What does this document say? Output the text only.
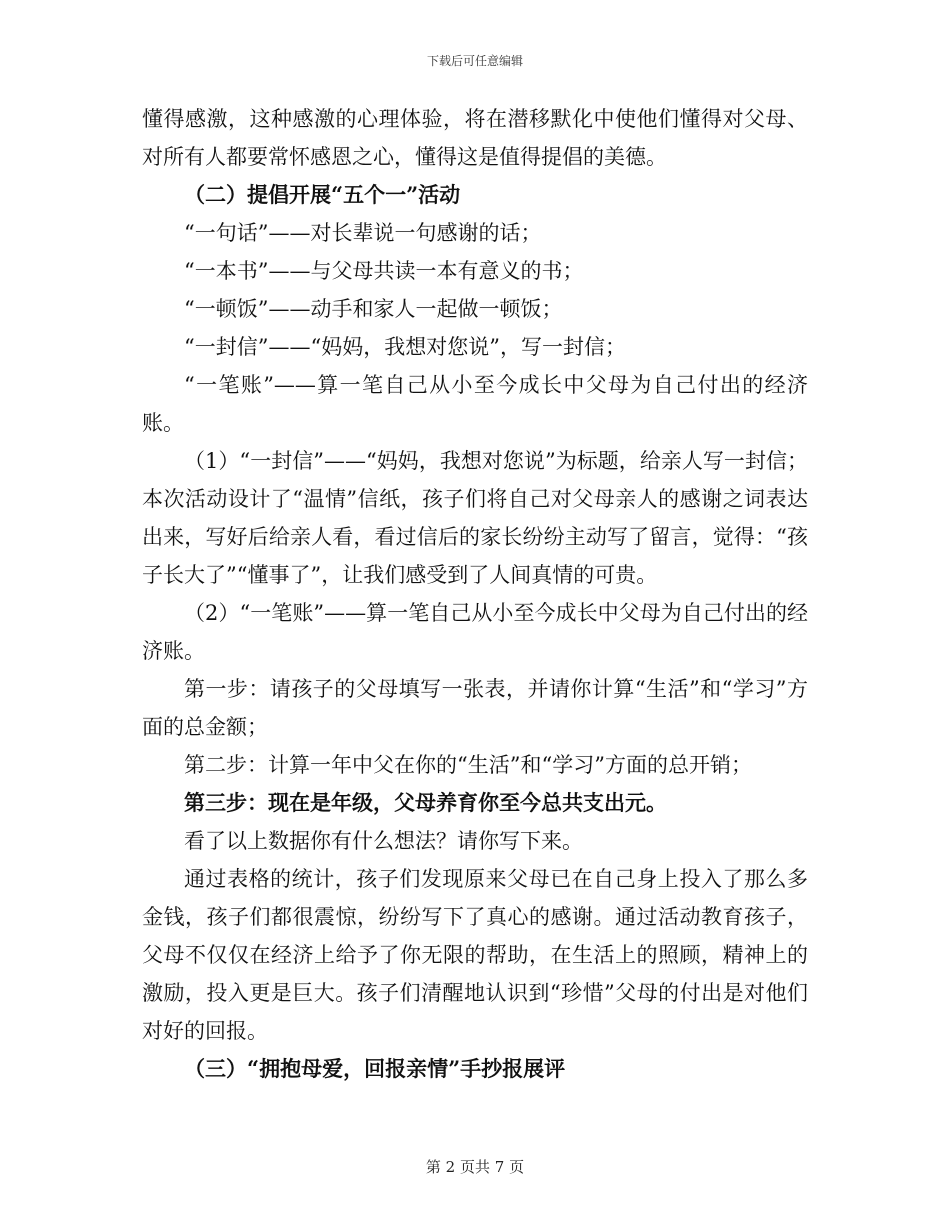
下载后可任意编辑

懂得感激，这种感激的心理体验，将在潜移默化中使他们懂得对父母、对所有人都要常怀感恩之心，懂得这是值得提倡的美德。

（二）提倡开展“五个一”活动

“一句话”——对长辈说一句感谢的话；

“一本书”——与父母共读一本有意义的书；

“一顿饭”——动手和家人一起做一顿饭；

“一封信”——“妈妈，我想对您说”，写一封信；

“一笔账”——算一笔自己从小至今成长中父母为自己付出的经济账。

（1）“一封信”——“妈妈，我想对您说”为标题，给亲人写一封信；本次活动设计了“温情”信纸，孩子们将自己对父母亲人的感谢之词表达出来，写好后给亲人看，看过信后的家长纷纷主动写了留言，觉得：“孩子长大了”“懂事了”，让我们感受到了人间真情的可贵。

（2）“一笔账”——算一笔自己从小至今成长中父母为自己付出的经济账。

第一步：请孩子的父母填写一张表，并请你计算“生活”和“学习”方面的总金额；

第二步：计算一年中父在你的“生活”和“学习”方面的总开销；

第三步：现在是年级，父母养育你至今总共支出元。

看了以上数据你有什么想法？请你写下来。

通过表格的统计，孩子们发现原来父母已在自己身上投入了那么多金钱，孩子们都很震惊，纷纷写下了真心的感谢。通过活动教育孩子，父母不仅仅在经济上给予了你无限的帮助，在生活上的照顾，精神上的激励，投入更是巨大。孩子们清醒地认识到“珍惜”父母的付出是对他们对好的回报。

（三）“拥抱母爱，回报亲情”手抄报展评

第 2 页共 7 页
